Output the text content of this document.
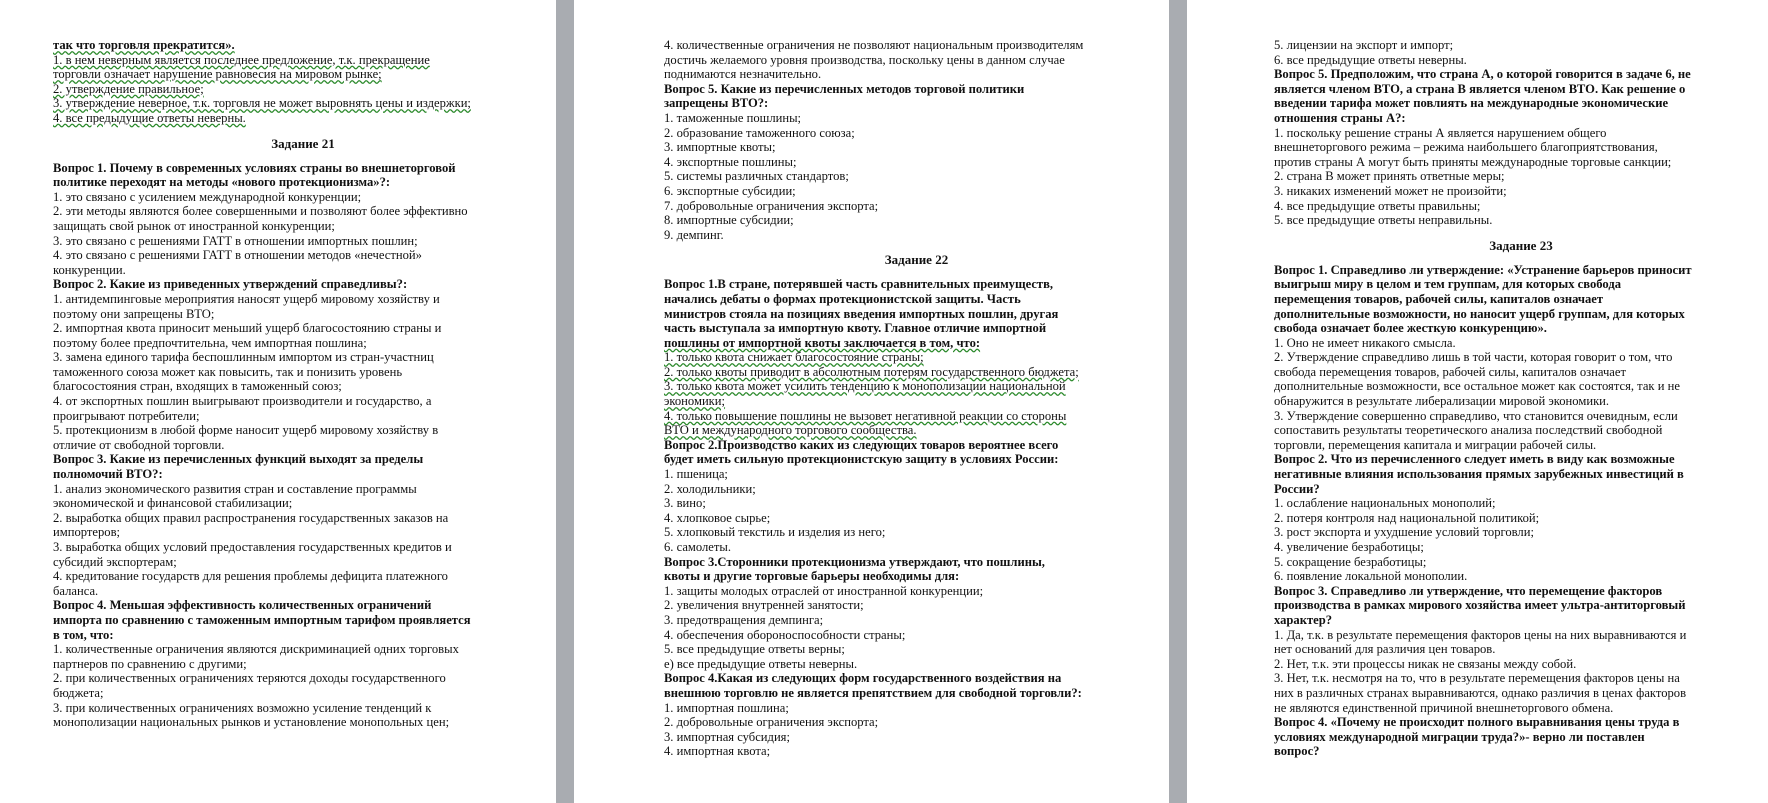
так что торговля прекратится».
1. в нем неверным является последнее предложение, т.к. прекращение
торговли означает нарушение равновесия на мировом рынке;
2. утверждение правильное;
3. утверждение неверное, т.к. торговля не может выровнять цены и издержки;
4. все предыдущие ответы неверны.
Задание 21
Вопрос 1. Почему в современных условиях страны во внешнеторговой
политике переходят на методы «нового протекционизма»?:
1. это связано с усилением международной конкуренции;
2. эти методы являются более совершенными и позволяют более эффективно
защищать свой рынок от иностранной конкуренции;
3. это связано с решениями ГАТТ в отношении импортных пошлин;
4. это связано с решениями ГАТТ в отношении методов «нечестной»
конкуренции.
Вопрос 2. Какие из приведенных утверждений справедливы?:
1. антидемпинговые мероприятия наносят ущерб мировому хозяйству и
поэтому они запрещены ВТО;
2. импортная квота приносит меньший ущерб благосостоянию страны и
поэтому более предпочтительна, чем импортная пошлина;
3. замена единого тарифа беспошлинным импортом из стран-участниц
таможенного союза может как повысить, так и понизить уровень
благосостояния стран, входящих в таможенный союз;
4. от экспортных пошлин выигрывают производители и государство, а
проигрывают потребители;
5. протекционизм в любой форме наносит ущерб мировому хозяйству в
отличие от свободной торговли.
Вопрос 3. Какие из перечисленных функций выходят за пределы
полномочий ВТО?:
1. анализ экономического развития стран и составление программы
экономической и финансовой стабилизации;
2. выработка общих правил распространения государственных заказов на
импортеров;
3. выработка общих условий предоставления государственных кредитов и
субсидий экспортерам;
4. кредитование государств для решения проблемы дефицита платежного
баланса.
Вопрос 4. Меньшая эффективность количественных ограничений
импорта по сравнению с таможенным импортным тарифом проявляется
в том, что:
1. количественные ограничения являются дискриминацией одних торговых
партнеров по сравнению с другими;
2. при количественных ограничениях теряются доходы государственного
бюджета;
3. при количественных ограничениях возможно усиление тенденций к
монополизации национальных рынков и установление монопольных цен;
4. количественные ограничения не позволяют национальным производителям
достичь желаемого уровня производства, поскольку цены в данном случае
поднимаются незначительно.
Вопрос 5. Какие из перечисленных методов торговой политики
запрещены ВТО?:
1. таможенные пошлины;
2. образование таможенного союза;
3. импортные квоты;
4. экспортные пошлины;
5. системы различных стандартов;
6. экспортные субсидии;
7. добровольные ограничения экспорта;
8. импортные субсидии;
9. демпинг.
Задание 22
Вопрос 1.В стране, потерявшей часть сравнительных преимуществ,
начались дебаты о формах протекционистской защиты. Часть
министров стояла на позициях введения импортных пошлин, другая
часть выступала за импортную квоту. Главное отличие импортной
пошлины от импортной квоты заключается в том, что:
1. только квота снижает благосостояние страны;
2. только квоты приводит в абсолютным потерям государственного бюджета;
3. только квота может усилить тенденцию к монополизации национальной
экономики;
4. только повышение пошлины не вызовет негативной реакции со стороны
ВТО и международного торгового сообщества.
Вопрос 2.Производство каких из следующих товаров вероятнее всего
будет иметь сильную протекционистскую защиту в условиях России:
1. пшеница;
2. холодильники;
3. вино;
4. хлопковое сырье;
5. хлопковый текстиль и изделия из него;
6. самолеты.
Вопрос 3.Сторонники протекционизма утверждают, что пошлины,
квоты и другие торговые барьеры необходимы для:
1. защиты молодых отраслей от иностранной конкуренции;
2. увеличения внутренней занятости;
3. предотвращения демпинга;
4. обеспечения обороноспособности страны;
5. все предыдущие ответы верны;
е) все предыдущие ответы неверны.
Вопрос 4.Какая из следующих форм государственного воздействия на
внешнюю торговлю не является препятствием для свободной торговли?:
1. импортная пошлина;
2. добровольные ограничения экспорта;
3. импортная субсидия;
4. импортная квота;
5. лицензии на экспорт и импорт;
6. все предыдущие ответы неверны.
Вопрос 5. Предположим, что страна А, о которой говорится в задаче 6, не
является членом ВТО, а страна В является членом ВТО. Как решение о
введении тарифа может повлиять на международные экономические
отношения страны А?:
1. поскольку решение страны А является нарушением общего
внешнеторгового режима – режима наибольшего благоприятствования,
против страны А могут быть приняты международные торговые санкции;
2. страна В может принять ответные меры;
3. никаких изменений может не произойти;
4. все предыдущие ответы правильны;
5. все предыдущие ответы неправильны.
Задание 23
Вопрос 1. Справедливо ли утверждение: «Устранение барьеров приносит
выигрыш миру в целом и тем группам, для которых свобода
перемещения товаров, рабочей силы, капиталов означает
дополнительные возможности, но наносит ущерб группам, для которых
свобода означает более жесткую конкуренцию».
1. Оно не имеет никакого смысла.
2. Утверждение справедливо лишь в той части, которая говорит о том, что
свобода перемещения товаров, рабочей силы, капиталов означает
дополнительные возможности, все остальное может как состоятся, так и не
обнаружится в результате либерализации мировой экономики.
3. Утверждение совершенно справедливо, что становится очевидным, если
сопоставить результаты теоретического анализа последствий свободной
торговли, перемещения капитала и миграции рабочей силы.
Вопрос 2. Что из перечисленного следует иметь в виду как возможные
негативные влияния использования прямых зарубежных инвестиций в
России?
1. ослабление национальных монополий;
2. потеря контроля над национальной политикой;
3. рост экспорта и ухудшение условий торговли;
4. увеличение безработицы;
5. сокращение безработицы;
6. появление локальной монополии.
Вопрос 3. Справедливо ли утверждение, что перемещение факторов
производства в рамках мирового хозяйства имеет ультра-антиторговый
характер?
1. Да, т.к. в результате перемещения факторов цены на них выравниваются и
нет оснований для различия цен товаров.
2. Нет, т.к. эти процессы никак не связаны между собой.
3. Нет, т.к. несмотря на то, что в результате перемещения факторов цены на
них в различных странах выравниваются, однако различия в ценах факторов
не являются единственной причиной внешнеторгового обмена.
Вопрос 4. «Почему не происходит полного выравнивания цены труда в
условиях международной миграции труда?»- верно ли поставлен
вопрос?
